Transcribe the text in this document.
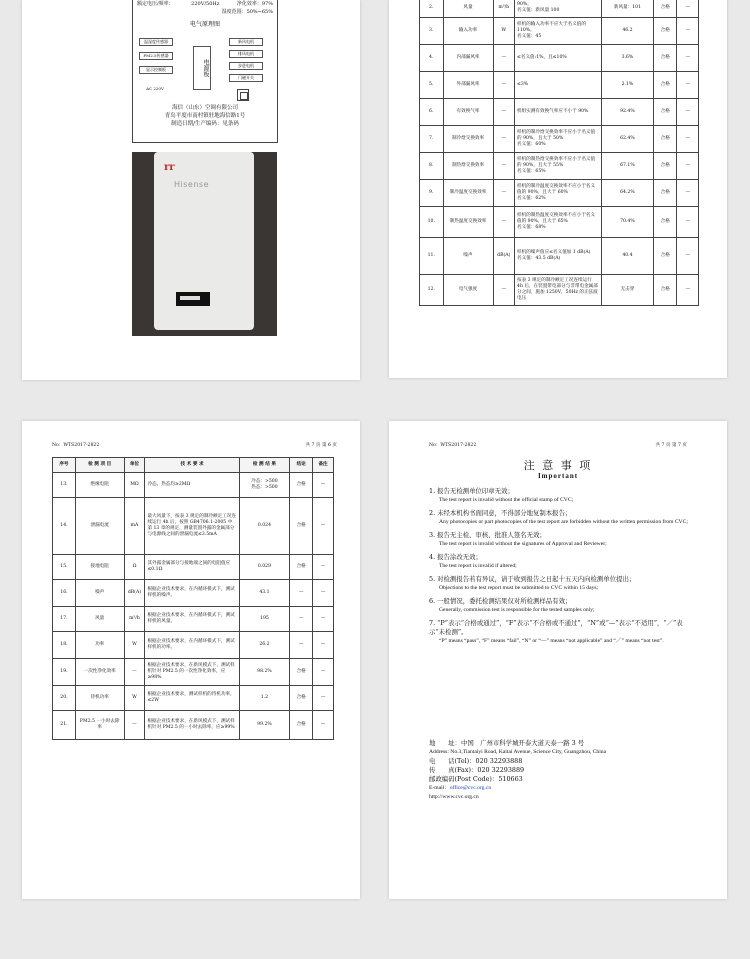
额定电压/频率：	220V/50Hz	净化效率：97%
湿度范围：50%~65%
电气原理图
温湿度传感器
PM2.5传感器
显示控制板
AC 220V
电源板
新风电机
排风电机
步进电机
门磁开关
海信（山东）空调有限公司
青岛平度市南村镇驻地海信路1号
制造日期/生产编码：见条码
rr
Hisense
2.	风量	m³/h	90%，
名义值：新风量 100	新风量：101	合格	—
3.	输入功率	W	样机的输入功率不应大于名义值的 110%。
名义值：45	46.2	合格	—
4.	内部漏风率	—	≤名义值:1%，且≤10%	3.6%	合格	—
5.	外部漏风率	—	≤3%	2.1%	合格	—
6.	有效换气率	—	机组实测有效换气率应不小于 90%	92.4%	合格	—
7.	制冷焓交换效率	—	样机的制冷焓交换效率不应小于名义值的 90%，且大于 50%
名义值：60%	62.4%	合格	—
8.	制热焓交换效率	—	样机的制热焓交换效率不应小于名义值的 90%，且大于 55%
名义值：65%	67.1%	合格	—
9.	制冷温度交换效率	—	样机的制冷温度交换效率不应小于名义值的 90%，且大于 60%
名义值：62%	64.2%	合格	—
10.	制热温度交换效率	—	样机的制热温度交换效率不应小于名义值的 90%，且大于 65%
名义值：68%	70.4%	合格	—
11.	噪声	dB(A)	样机的噪声值应≤名义值加 1 dB(A)
名义值：43.5 dB(A)	40.4	合格	—
12.	电气强度	—	按表 3 规定的制冷额定工况连续运行 4h 后，在装置带电部分与非带电金属部分之间，施加 1250V，50Hz 的正弦波电压	无击穿	合格	—
No：WTS2017-2822	共 7 页 第 6 页
序号	检 测 项 目	单位	技 术 要 求	检 测 结 果	结论	备注
13.	绝缘电阻	MΩ	冷态、热态均≥2MΩ	冷态：>500
热态：>500	合格	—
14.	泄漏电流	mA	最大风量下，按表 3 规定的制冷额定工况连续运行 4h 后，按照 GB4706.1-2005 中第 13 章的规定，测量装置外露的金属部分与电源线之间的泄漏电流≤3.5mA	0.024	合格	—
15.	接地电阻	Ω	其外露金属部分与接地端之间的电阻值应≤0.1Ω	0.029	合格	—
16.	噪声	dB(A)	根据企业技术要求，在内循环模式下，测试样机的噪声。	43.1	—	—
17.	风量	m³/h	根据企业技术要求，在内循环模式下，测试样机的风量。	195	—	—
18.	功率	W	根据企业技术要求，在内循环模式下，测试样机的功率。	26.2	—	—
19.	一次性净化效率	—	根据企业技术要求，在新风模式下，测试样机针对 PM2.5 的一次性净化效率，应≥98%	98.2%	合格	—
20.	待机功率	W	根据企业技术要求，测试样机的待机功率，≤2W	1.2	合格	—
21.	PM2.5 一小时去除率	—	根据企业技术要求，在新风模式下，测试样机针对 PM2.5 的一小时去除率，应≥99%	99.2%	合格	—
No：WTS2017-2822	共 7 页 第 7 页
注 意 事 项
Important
1. 报告无检测单位印章无效；
The test report is invalid without the official stamp of CVC;
2. 未经本机构书面同意，不得部分地复制本报告；
Any photocopies or part photocopies of the test report are forbidden without the written permission from CVC;
3. 报告无主检、审核、批准人签名无效；
The test report is invalid without the signatures of Approval and Reviewer;
4. 报告涂改无效；
The test report is invalid if altered;
5. 对检测报告若有异议，请于收到报告之日起十五天内向检测单位提出；
Objections to the test report must be submitted to CVC within 15 days;
6. 一般情况，委托检测结果仅对所检测样品有效；
Generally, commission test is responsible for the tested samples only;
7. “P”表示“合格或通过”，“F”表示“不合格或不通过”，“N”或“—”表示“不适用”，“／”表示“未检测”。
“P” means “pass”, “F” means “fail”, “N” or “—” means “not applicable” and “／” means “not test”.
地　　址：中国　广州市科学城开泰大道天泰一路 3 号
Address: No.3,Tiantaiyi Road, Kaitai Avenue, Science City, Guangzhou, China
电　　话(Tel)：020 32293888
传　　真(Fax)：020 32293889
邮政编码(Post Code)：510663
E-mail：office@cvc.org.cn
http://www.cvc.org.cn
